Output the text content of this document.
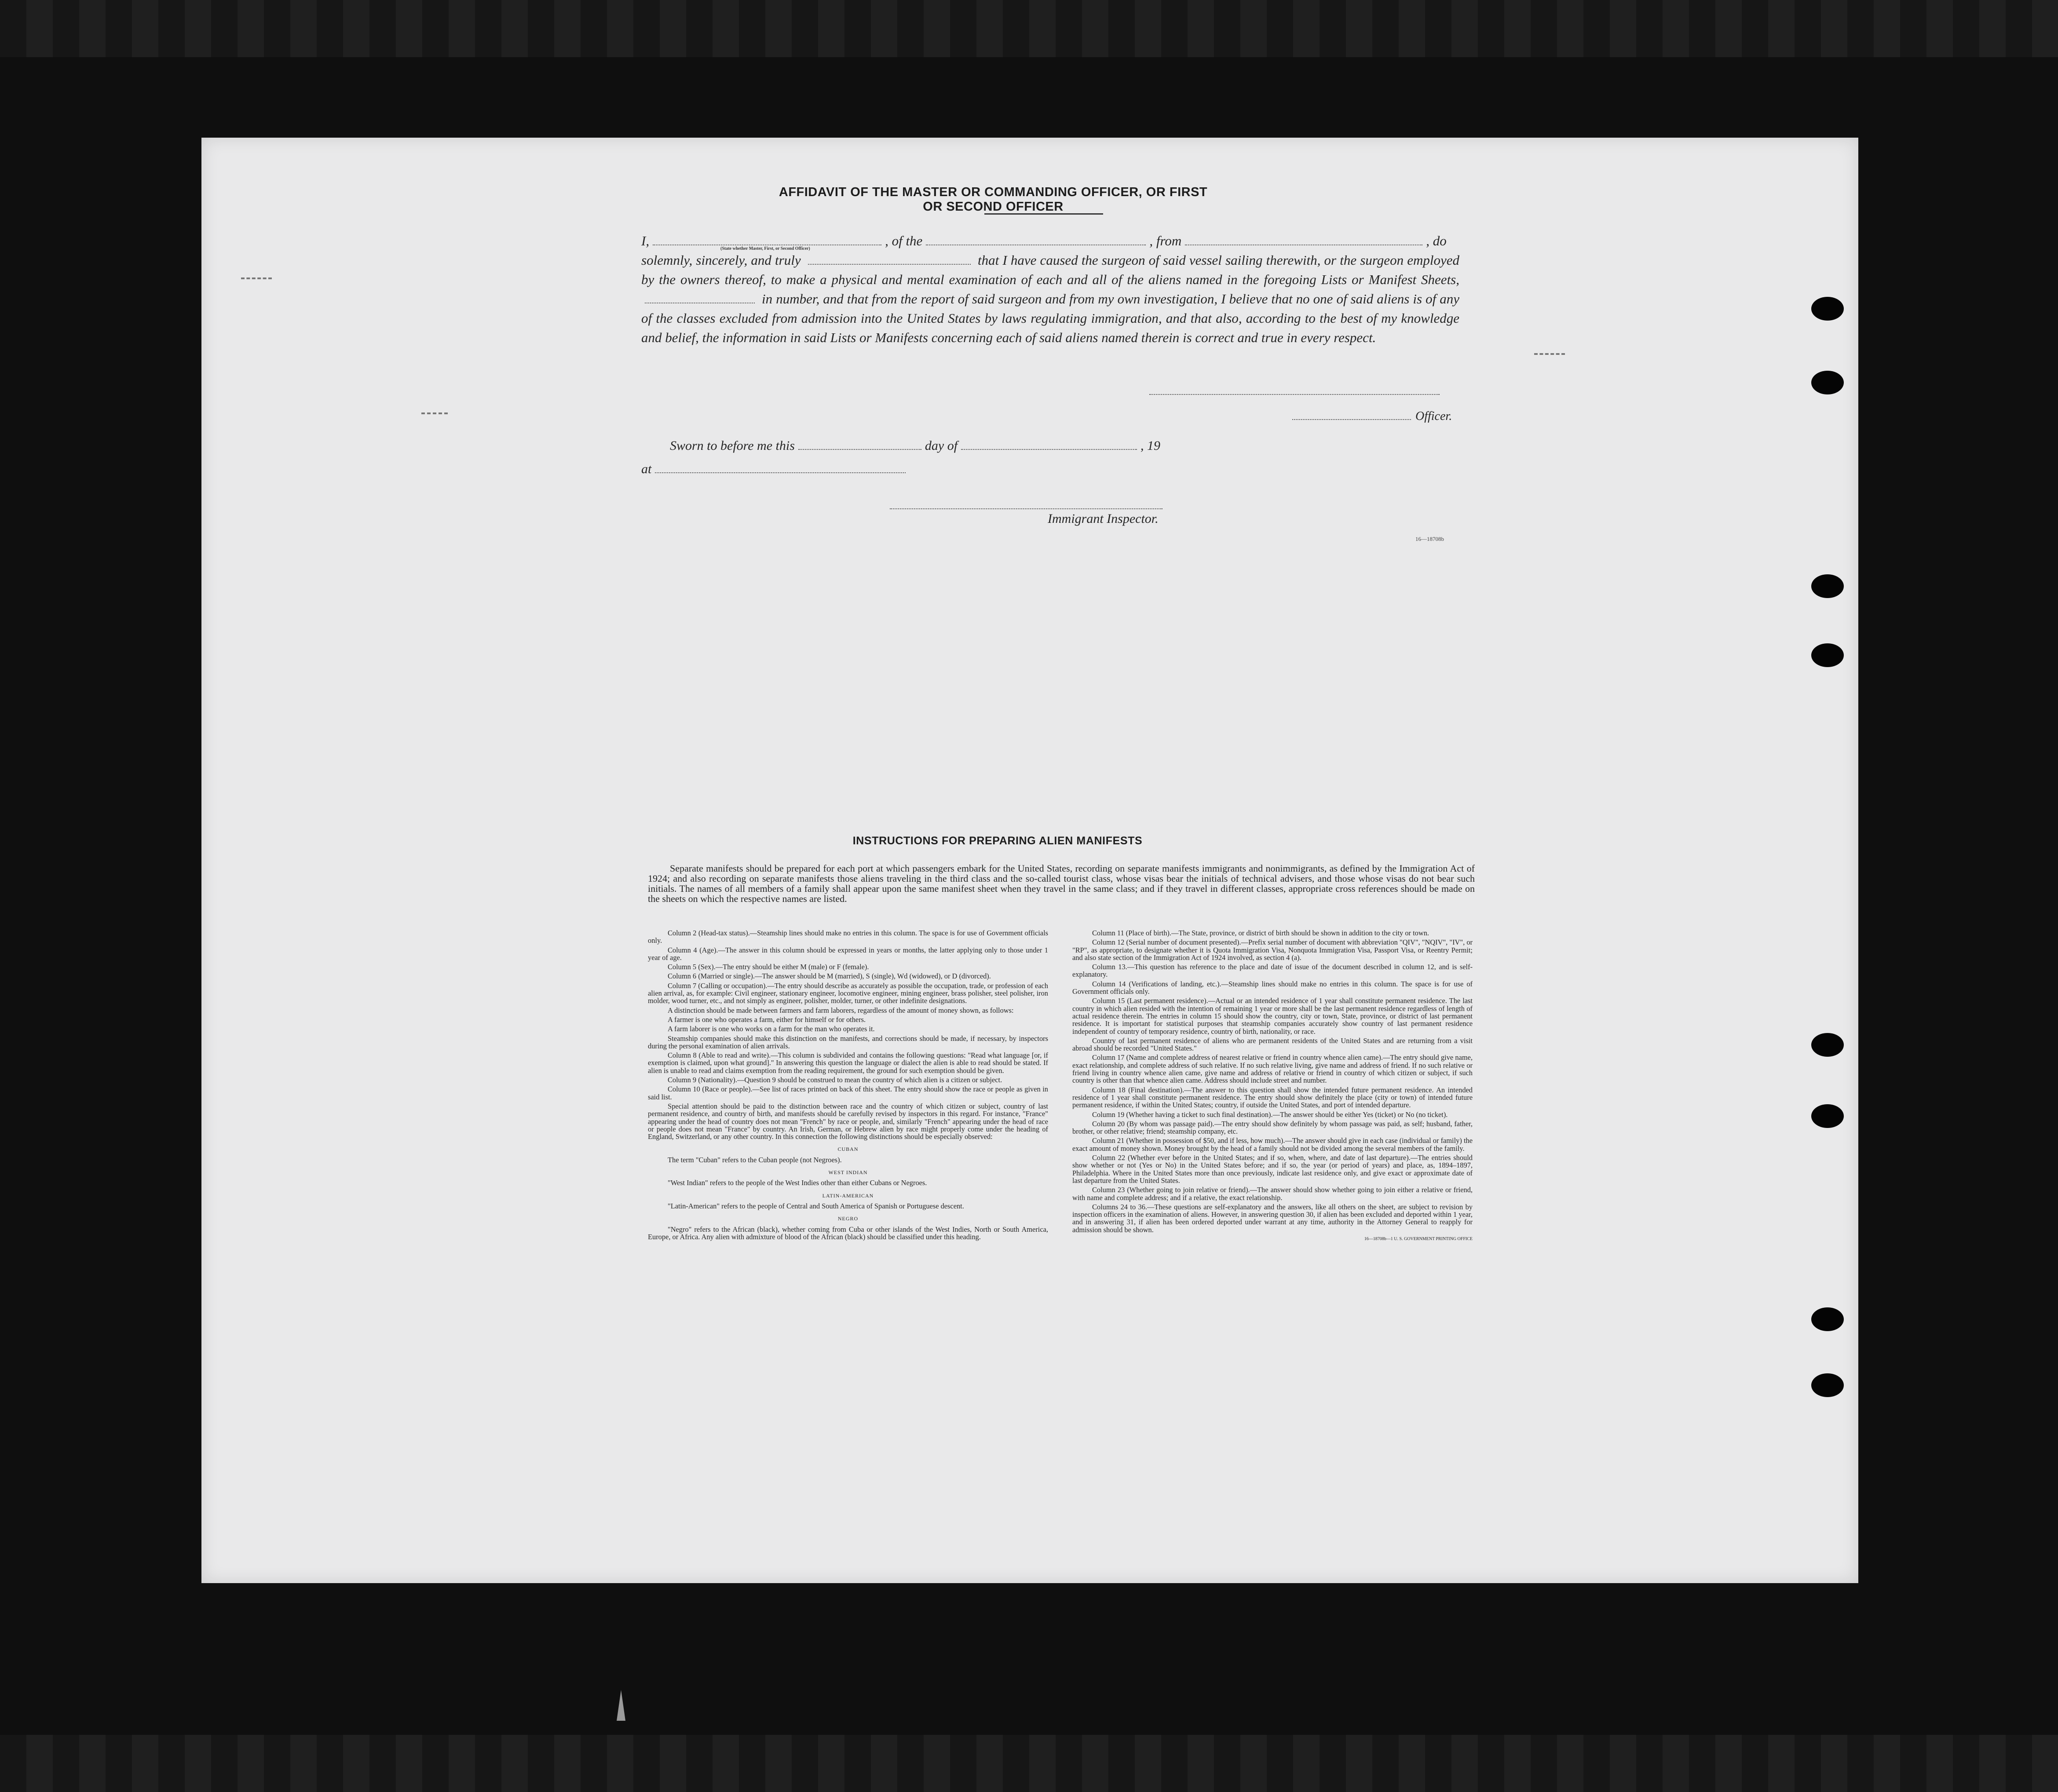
AFFIDAVIT OF THE MASTER OR COMMANDING OFFICER, OR FIRST OR SECOND OFFICER
I,	, of the	, from	, do
(State whether Master, First, or Second Officer)
solemnly, sincerely, and truly	that I have caused the surgeon of said vessel sailing therewith, or the surgeon employed by the owners thereof, to make a physical and mental examination of each and all of the aliens named in the foregoing Lists or Manifest Sheets,  in number, and that from the report of said surgeon and from my own investigation, I believe that no one of said aliens is of any of the classes excluded from admission into the United States by laws regulating immigration, and that also, according to the best of my knowledge and belief, the information in said Lists or Manifests concerning each of said aliens named therein is correct and true in every respect.
Officer.
Sworn to before me this	day of	, 19
at
Immigrant Inspector.
16—18708b
INSTRUCTIONS FOR PREPARING ALIEN MANIFESTS
Separate manifests should be prepared for each port at which passengers embark for the United States, recording on separate manifests immigrants and nonimmigrants, as defined by the Immigration Act of 1924; and also recording on separate manifests those aliens traveling in the third class and the so-called tourist class, whose visas bear the initials of technical advisers, and those whose visas do not bear such initials. The names of all members of a family shall appear upon the same manifest sheet when they travel in the same class; and if they travel in different classes, appropriate cross references should be made on the sheets on which the respective names are listed.

Column 2 (Head-tax status).—Steamship lines should make no entries in this column. The space is for use of Government officials only.

Column 4 (Age).—The answer in this column should be expressed in years or months, the latter applying only to those under 1 year of age.

Column 5 (Sex).—The entry should be either M (male) or F (female).

Column 6 (Married or single).—The answer should be M (married), S (single), Wd (widowed), or D (divorced).

Column 7 (Calling or occupation).—The entry should describe as accurately as possible the occupation, trade, or profession of each alien arrival, as, for example: Civil engineer, stationary engineer, locomotive engineer, mining engineer, brass polisher, steel polisher, iron molder, wood turner, etc., and not simply as engineer, polisher, molder, turner, or other indefinite designations.

A distinction should be made between farmers and farm laborers, regardless of the amount of money shown, as follows:

A farmer is one who operates a farm, either for himself or for others.

A farm laborer is one who works on a farm for the man who operates it.

Steamship companies should make this distinction on the manifests, and corrections should be made, if necessary, by inspectors during the personal examination of alien arrivals.

Column 8 (Able to read and write).—This column is subdivided and contains the following questions: "Read what language [or, if exemption is claimed, upon what ground]." In answering this question the language or dialect the alien is able to read should be stated. If alien is unable to read and claims exemption from the reading requirement, the ground for such exemption should be given.

Column 9 (Nationality).—Question 9 should be construed to mean the country of which alien is a citizen or subject.

Column 10 (Race or people).—See list of races printed on back of this sheet. The entry should show the race or people as given in said list.

Special attention should be paid to the distinction between race and the country of which citizen or subject, country of last permanent residence, and country of birth, and manifests should be carefully revised by inspectors in this regard. For instance, "France" appearing under the head of country does not mean "French" by race or people, and, similarly "French" appearing under the head of race or people does not mean "France" by country. An Irish, German, or Hebrew alien by race might properly come under the heading of England, Switzerland, or any other country. In this connection the following distinctions should be especially observed:

CUBAN

The term "Cuban" refers to the Cuban people (not Negroes).

WEST INDIAN

"West Indian" refers to the people of the West Indies other than either Cubans or Negroes.

LATIN-AMERICAN

"Latin-American" refers to the people of Central and South America of Spanish or Portuguese descent.

NEGRO

"Negro" refers to the African (black), whether coming from Cuba or other islands of the West Indies, North or South America, Europe, or Africa. Any alien with admixture of blood of the African (black) should be classified under this heading.

Column 11 (Place of birth).—The State, province, or district of birth should be shown in addition to the city or town.

Column 12 (Serial number of document presented).—Prefix serial number of document with abbreviation "QIV", "NQIV", "IV", or "RP", as appropriate, to designate whether it is Quota Immigration Visa, Nonquota Immigration Visa, Passport Visa, or Reentry Permit; and also state section of the Immigration Act of 1924 involved, as section 4 (a).

Column 13.—This question has reference to the place and date of issue of the document described in column 12, and is self-explanatory.

Column 14 (Verifications of landing, etc.).—Steamship lines should make no entries in this column. The space is for use of Government officials only.

Column 15 (Last permanent residence).—Actual or an intended residence of 1 year shall constitute permanent residence. The last country in which alien resided with the intention of remaining 1 year or more shall be the last permanent residence regardless of length of actual residence therein. The entries in column 15 should show the country, city or town, State, province, or district of last permanent residence. It is important for statistical purposes that steamship companies accurately show country of last permanent residence independent of country of temporary residence, country of birth, nationality, or race.

Country of last permanent residence of aliens who are permanent residents of the United States and are returning from a visit abroad should be recorded "United States."

Column 17 (Name and complete address of nearest relative or friend in country whence alien came).—The entry should give name, exact relationship, and complete address of such relative. If no such relative living, give name and address of friend. If no such relative or friend living in country whence alien came, give name and address of relative or friend in country of which citizen or subject, if such country is other than that whence alien came. Address should include street and number.

Column 18 (Final destination).—The answer to this question shall show the intended future permanent residence. An intended residence of 1 year shall constitute permanent residence. The entry should show definitely the place (city or town) of intended future permanent residence, if within the United States; country, if outside the United States, and port of intended departure.

Column 19 (Whether having a ticket to such final destination).—The answer should be either Yes (ticket) or No (no ticket).

Column 20 (By whom was passage paid).—The entry should show definitely by whom passage was paid, as self; husband, father, brother, or other relative; friend; steamship company, etc.

Column 21 (Whether in possession of $50, and if less, how much).—The answer should give in each case (individual or family) the exact amount of money shown. Money brought by the head of a family should not be divided among the several members of the family.

Column 22 (Whether ever before in the United States; and if so, when, where, and date of last departure).—The entries should show whether or not (Yes or No) in the United States before; and if so, the year (or period of years) and place, as, 1894–1897, Philadelphia. Where in the United States more than once previously, indicate last residence only, and give exact or approximate date of last departure from the United States.

Column 23 (Whether going to join relative or friend).—The answer should show whether going to join either a relative or friend, with name and complete address; and if a relative, the exact relationship.

Columns 24 to 36.—These questions are self-explanatory and the answers, like all others on the sheet, are subject to revision by inspection officers in the examination of aliens. However, in answering question 30, if alien has been excluded and deported within 1 year, and in answering 31, if alien has been ordered deported under warrant at any time, authority in the Attorney General to reapply for admission should be shown.

16—18708b—1 U. S. GOVERNMENT PRINTING OFFICE
